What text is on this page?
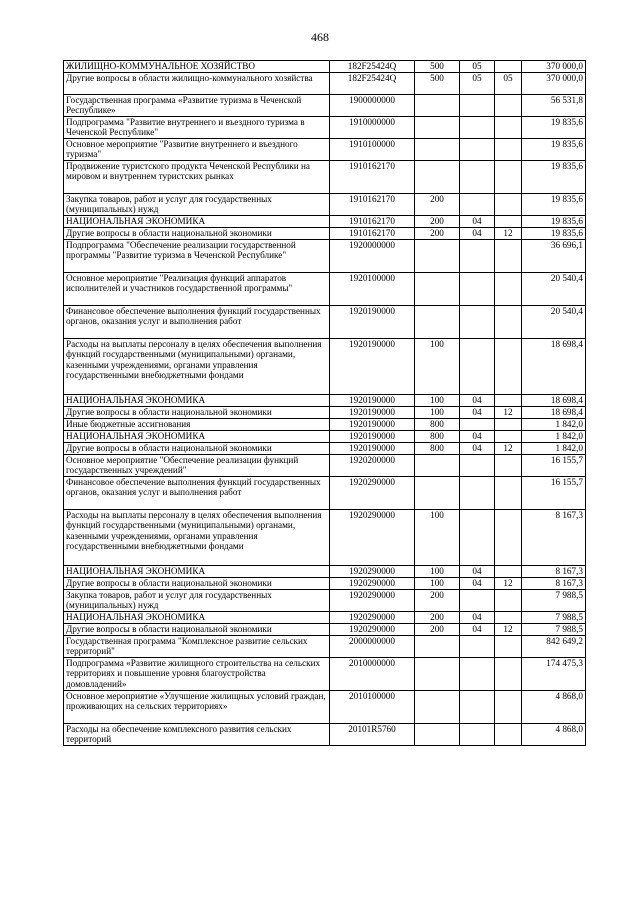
468
ЖИЛИЩНО-КОММУНАЛЬНОЕ ХОЗЯЙСТВО	182F25424Q	500	05		370 000,0
Другие вопросы в области жилищно-коммунального хозяйства	182F25424Q	500	05	05	370 000,0
Государственная программа «Развитие туризма в Чеченской Республике»	1900000000				56 531,8
Подпрограмма "Развитие внутреннего и въездного туризма в Чеченской Республике"	1910000000				19 835,6
Основное мероприятие "Развитие внутреннего и въездного туризма"	1910100000				19 835,6
Продвижение туристского продукта Чеченской Республики на мировом и внутреннем туристских рынках	1910162170				19 835,6
Закупка товаров, работ и услуг для государственных (муниципальных) нужд	1910162170	200			19 835,6
НАЦИОНАЛЬНАЯ ЭКОНОМИКА	1910162170	200	04		19 835,6
Другие вопросы в области национальной экономики	1910162170	200	04	12	19 835,6
Подпрограмма "Обеспечение реализации государственной программы "Развитие туризма в Чеченской Республике"	1920000000				36 696,1
Основное мероприятие "Реализация функций аппаратов исполнителей и участников государственной программы"	1920100000				20 540,4
Финансовое обеспечение выполнения функций государственных органов, оказания услуг и выполнения работ	1920190000				20 540,4
Расходы на выплаты персоналу в целях обеспечения выполнения функций государственными (муниципальными) органами, казенными учреждениями, органами управления государственными внебюджетными фондами	1920190000	100			18 698,4
НАЦИОНАЛЬНАЯ ЭКОНОМИКА	1920190000	100	04		18 698,4
Другие вопросы в области национальной экономики	1920190000	100	04	12	18 698,4
Иные бюджетные ассигнования	1920190000	800			1 842,0
НАЦИОНАЛЬНАЯ ЭКОНОМИКА	1920190000	800	04		1 842,0
Другие вопросы в области национальной экономики	1920190000	800	04	12	1 842,0
Основное мероприятие "Обеспечение реализации функций государственных учреждений"	1920200000				16 155,7
Финансовое обеспечение выполнения функций государственных органов, оказания услуг и выполнения работ	1920290000				16 155,7
Расходы на выплаты персоналу в целях обеспечения выполнения функций государственными (муниципальными) органами, казенными учреждениями, органами управления государственными внебюджетными фондами	1920290000	100			8 167,3
НАЦИОНАЛЬНАЯ ЭКОНОМИКА	1920290000	100	04		8 167,3
Другие вопросы в области национальной экономики	1920290000	100	04	12	8 167,3
Закупка товаров, работ и услуг для государственных (муниципальных) нужд	1920290000	200			7 988,5
НАЦИОНАЛЬНАЯ ЭКОНОМИКА	1920290000	200	04		7 988,5
Другие вопросы в области национальной экономики	1920290000	200	04	12	7 988,5
Государственная программа "Комплексное развитие сельских территорий"	2000000000				842 649,2
Подпрограмма «Развитие жилищного строительства на сельских территориях и повышение уровня благоустройства домовладений»	2010000000				174 475,3
Основное мероприятие «Улучшение жилищных условий граждан, проживающих на сельских территориях»	2010100000				4 868,0
Расходы на обеспечение комплексного развития сельских территорий	20101R5760				4 868,0
